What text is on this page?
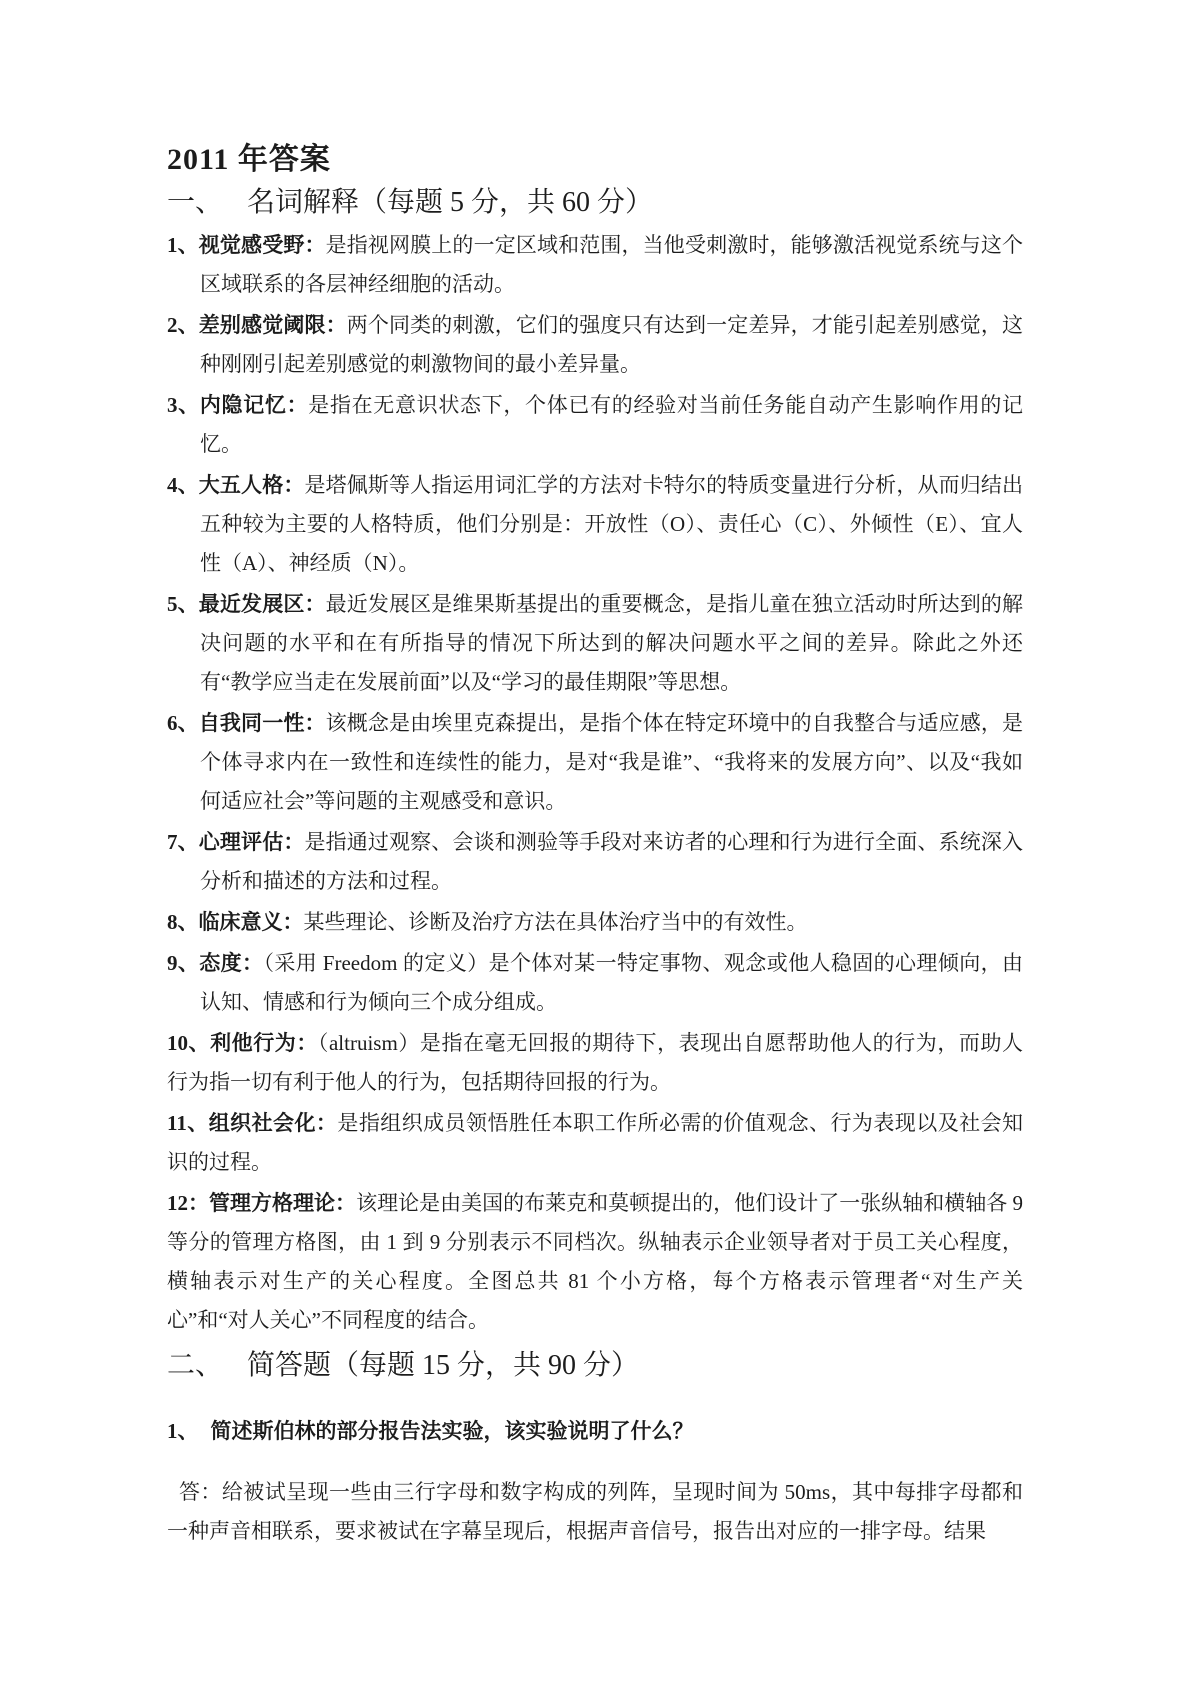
2011 年答案
一、 名词解释（每题 5 分，共 60 分）

1、视觉感受野：是指视网膜上的一定区域和范围，当他受刺激时，能够激活视觉系统与这个区域联系的各层神经细胞的活动。

2、差别感觉阈限：两个同类的刺激，它们的强度只有达到一定差异，才能引起差别感觉，这种刚刚引起差别感觉的刺激物间的最小差异量。

3、内隐记忆：是指在无意识状态下，个体已有的经验对当前任务能自动产生影响作用的记忆。

4、大五人格：是塔佩斯等人指运用词汇学的方法对卡特尔的特质变量进行分析，从而归结出五种较为主要的人格特质，他们分别是：开放性（O）、责任心（C）、外倾性（E）、宜人性（A）、神经质（N）。

5、最近发展区：最近发展区是维果斯基提出的重要概念，是指儿童在独立活动时所达到的解决问题的水平和在有所指导的情况下所达到的解决问题水平之间的差异。除此之外还有“教学应当走在发展前面”以及“学习的最佳期限”等思想。

6、自我同一性：该概念是由埃里克森提出，是指个体在特定环境中的自我整合与适应感，是个体寻求内在一致性和连续性的能力，是对“我是谁”、“我将来的发展方向”、以及“我如何适应社会”等问题的主观感受和意识。

7、心理评估：是指通过观察、会谈和测验等手段对来访者的心理和行为进行全面、系统深入分析和描述的方法和过程。

8、临床意义：某些理论、诊断及治疗方法在具体治疗当中的有效性。

9、态度：（采用 Freedom 的定义）是个体对某一特定事物、观念或他人稳固的心理倾向，由认知、情感和行为倾向三个成分组成。

10、利他行为：（altruism）是指在毫无回报的期待下，表现出自愿帮助他人的行为，而助人行为指一切有利于他人的行为，包括期待回报的行为。

11、组织社会化：是指组织成员领悟胜任本职工作所必需的价值观念、行为表现以及社会知识的过程。

12：管理方格理论：该理论是由美国的布莱克和莫顿提出的，他们设计了一张纵轴和横轴各 9 等分的管理方格图，由 1 到 9 分别表示不同档次。纵轴表示企业领导者对于员工关心程度，横轴表示对生产的关心程度。全图总共 81 个小方格，每个方格表示管理者“对生产关心”和“对人关心”不同程度的结合。

二、 简答题（每题 15 分，共 90 分）

1、 简述斯伯林的部分报告法实验，该实验说明了什么？

答：给被试呈现一些由三行字母和数字构成的列阵，呈现时间为 50ms，其中每排字母都和一种声音相联系，要求被试在字幕呈现后，根据声音信号，报告出对应的一排字母。结果
